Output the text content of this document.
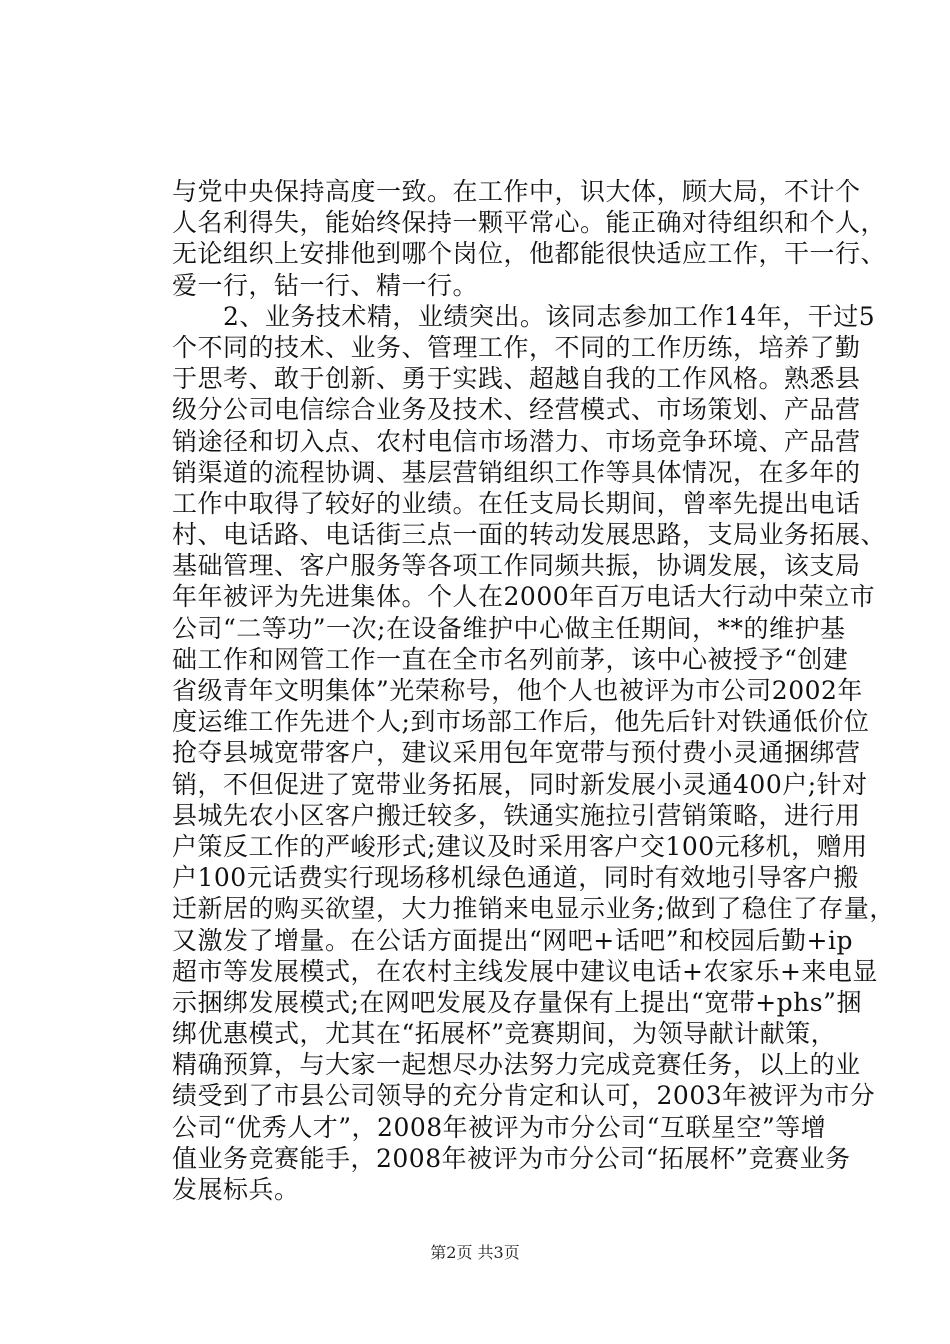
与党中央保持高度一致。在工作中，识大体，顾大局，不计个
人名利得失，能始终保持一颗平常心。能正确对待组织和个人，
无论组织上安排他到哪个岗位，他都能很快适应工作，干一行、
爱一行，钻一行、精一行。
　　2、业务技术精，业绩突出。该同志参加工作14年，干过5
个不同的技术、业务、管理工作，不同的工作历练，培养了勤
于思考、敢于创新、勇于实践、超越自我的工作风格。熟悉县
级分公司电信综合业务及技术、经营模式、市场策划、产品营
销途径和切入点、农村电信市场潜力、市场竞争环境、产品营
销渠道的流程协调、基层营销组织工作等具体情况，在多年的
工作中取得了较好的业绩。在任支局长期间，曾率先提出电话
村、电话路、电话街三点一面的转动发展思路，支局业务拓展、
基础管理、客户服务等各项工作同频共振，协调发展，该支局
年年被评为先进集体。个人在2000年百万电话大行动中荣立市
公司“二等功”一次;在设备维护中心做主任期间，**的维护基
础工作和网管工作一直在全市名列前茅，该中心被授予“创建
省级青年文明集体”光荣称号，他个人也被评为市公司2002年
度运维工作先进个人;到市场部工作后，他先后针对铁通低价位
抢夺县城宽带客户，建议采用包年宽带与预付费小灵通捆绑营
销，不但促进了宽带业务拓展，同时新发展小灵通400户;针对
县城先农小区客户搬迁较多，铁通实施拉引营销策略，进行用
户策反工作的严峻形式;建议及时采用客户交100元移机，赠用
户100元话费实行现场移机绿色通道，同时有效地引导客户搬
迁新居的购买欲望，大力推销来电显示业务;做到了稳住了存量，
又激发了增量。在公话方面提出“网吧+话吧”和校园后勤+ip
超市等发展模式，在农村主线发展中建议电话+农家乐+来电显
示捆绑发展模式;在网吧发展及存量保有上提出“宽带+phs”捆
绑优惠模式，尤其在“拓展杯”竞赛期间，为领导献计献策，
精确预算，与大家一起想尽办法努力完成竞赛任务，以上的业
绩受到了市县公司领导的充分肯定和认可，2003年被评为市分
公司“优秀人才”，2008年被评为市分公司“互联星空”等增
值业务竞赛能手，2008年被评为市分公司“拓展杯”竞赛业务
发展标兵。
第2页 共3页
